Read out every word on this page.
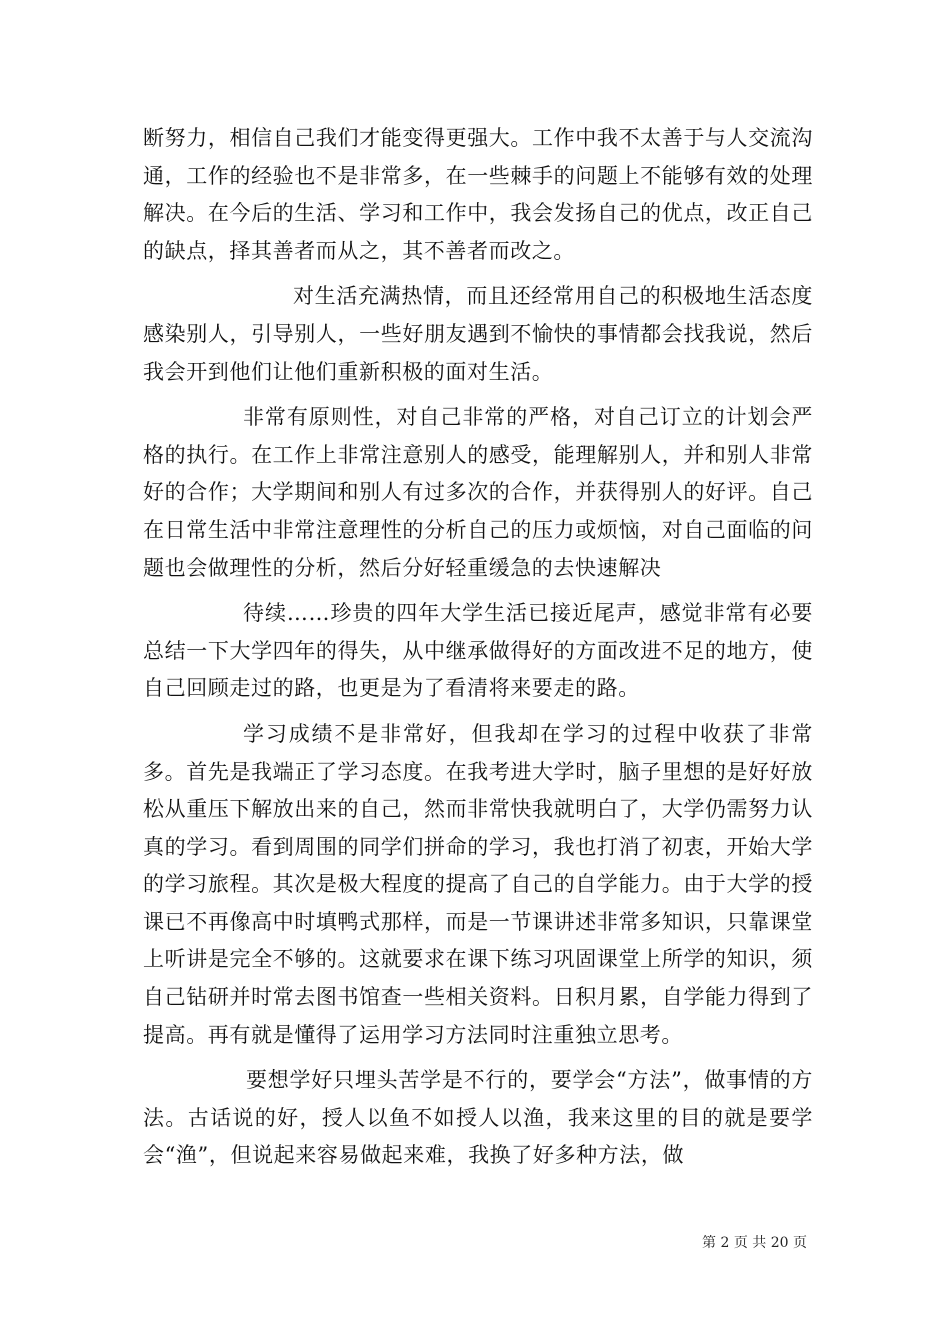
断努力，相信自己我们才能变得更强大。工作中我不太善于与人交流沟通，工作的经验也不是非常多，在一些棘手的问题上不能够有效的处理解决。在今后的生活、学习和工作中，我会发扬自己的优点，改正自己的缺点，择其善者而从之，其不善者而改之。

对生活充满热情，而且还经常用自己的积极地生活态度感染别人，引导别人，一些好朋友遇到不愉快的事情都会找我说，然后我会开到他们让他们重新积极的面对生活。

非常有原则性，对自己非常的严格，对自己订立的计划会严格的执行。在工作上非常注意别人的感受，能理解别人，并和别人非常好的合作；大学期间和别人有过多次的合作，并获得别人的好评。自己在日常生活中非常注意理性的分析自己的压力或烦恼，对自己面临的问题也会做理性的分析，然后分好轻重缓急的去快速解决

待续……珍贵的四年大学生活已接近尾声，感觉非常有必要总结一下大学四年的得失，从中继承做得好的方面改进不足的地方，使自己回顾走过的路，也更是为了看清将来要走的路。

学习成绩不是非常好，但我却在学习的过程中收获了非常多。首先是我端正了学习态度。在我考进大学时，脑子里想的是好好放松从重压下解放出来的自己，然而非常快我就明白了，大学仍需努力认真的学习。看到周围的同学们拼命的学习，我也打消了初衷，开始大学的学习旅程。其次是极大程度的提高了自己的自学能力。由于大学的授课已不再像高中时填鸭式那样，而是一节课讲述非常多知识，只靠课堂上听讲是完全不够的。这就要求在课下练习巩固课堂上所学的知识，须自己钻研并时常去图书馆查一些相关资料。日积月累，自学能力得到了提高。再有就是懂得了运用学习方法同时注重独立思考。

要想学好只埋头苦学是不行的，要学会“方法”，做事情的方法。古话说的好，授人以鱼不如授人以渔，我来这里的目的就是要学会“渔”，但说起来容易做起来难，我换了好多种方法，做

第 2 页 共 20 页
